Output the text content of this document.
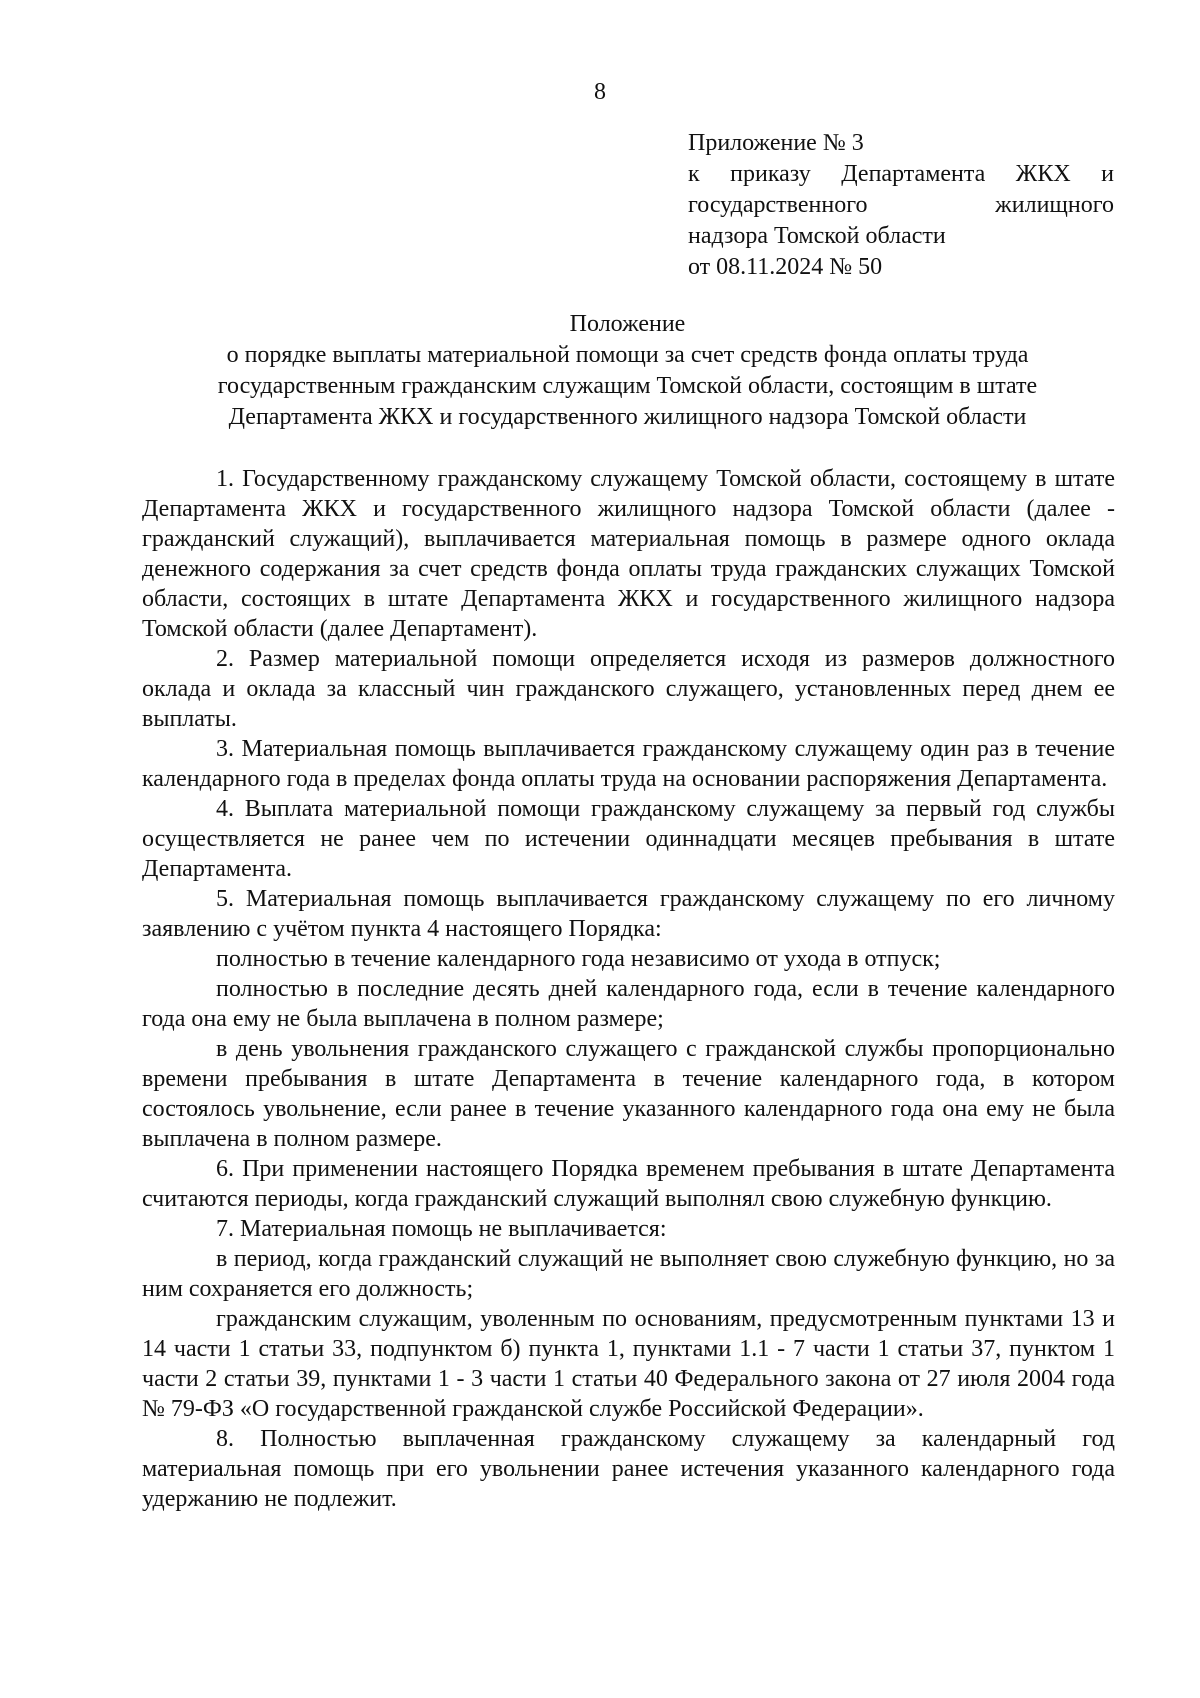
8
Приложение № 3
к приказу Департамента ЖКХ и
государственного жилищного
надзора Томской области
от 08.11.2024 № 50
Положение
о порядке выплаты материальной помощи за счет средств фонда оплаты труда
государственным гражданским служащим Томской области, состоящим в штате
Департамента ЖКХ и государственного жилищного надзора Томской области

1. Государственному гражданскому служащему Томской области, состоящему в штате Департамента ЖКХ и государственного жилищного надзора Томской области (далее - гражданский служащий), выплачивается материальная помощь в размере одного оклада денежного содержания за счет средств фонда оплаты труда гражданских служащих Томской области, состоящих в штате Департамента ЖКХ и государственного жилищного надзора Томской области (далее Департамент).

2. Размер материальной помощи определяется исходя из размеров должностного оклада и оклада за классный чин гражданского служащего, установленных перед днем ее выплаты.

3. Материальная помощь выплачивается гражданскому служащему один раз в течение календарного года в пределах фонда оплаты труда на основании распоряжения Департамента.

4. Выплата материальной помощи гражданскому служащему за первый год службы осуществляется не ранее чем по истечении одиннадцати месяцев пребывания в штате Департамента.

5. Материальная помощь выплачивается гражданскому служащему по его личному заявлению с учётом пункта 4 настоящего Порядка:

полностью в течение календарного года независимо от ухода в отпуск;

полностью в последние десять дней календарного года, если в течение календарного года она ему не была выплачена в полном размере;

в день увольнения гражданского служащего с гражданской службы пропорционально времени пребывания в штате Департамента в течение календарного года, в котором состоялось увольнение, если ранее в течение указанного календарного года она ему не была выплачена в полном размере.

6. При применении настоящего Порядка временем пребывания в штате Департамента считаются периоды, когда гражданский служащий выполнял свою служебную функцию.

7. Материальная помощь не выплачивается:

в период, когда гражданский служащий не выполняет свою служебную функцию, но за ним сохраняется его должность;

гражданским служащим, уволенным по основаниям, предусмотренным пунктами 13 и 14 части 1 статьи 33, подпунктом б) пункта 1, пунктами 1.1 - 7 части 1 статьи 37, пунктом 1 части 2 статьи 39, пунктами 1 - 3 части 1 статьи 40 Федерального закона от 27 июля 2004 года № 79-ФЗ «О государственной гражданской службе Российской Федерации».

8. Полностью выплаченная гражданскому служащему за календарный год материальная помощь при его увольнении ранее истечения указанного календарного года удержанию не подлежит.
